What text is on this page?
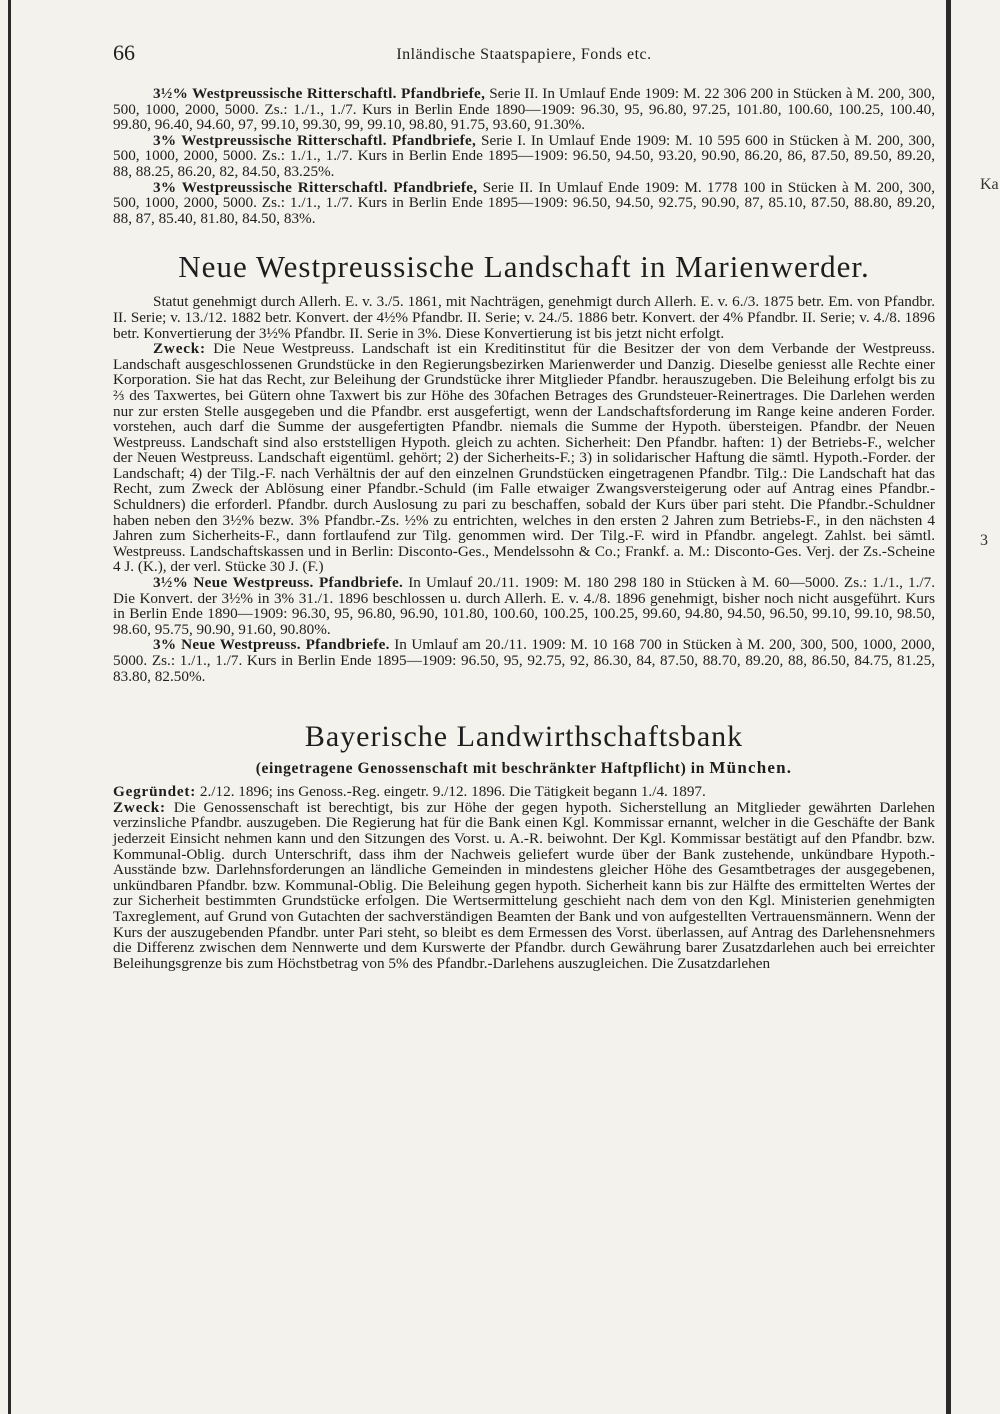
Ka
3
66	Inländische Staatspapiere, Fonds etc.

3½% Westpreussische Ritterschaftl. Pfandbriefe, Serie II. In Umlauf Ende 1909: M. 22 306 200 in Stücken à M. 200, 300, 500, 1000, 2000, 5000. Zs.: 1./1., 1./7. Kurs in Berlin Ende 1890—1909: 96.30, 95, 96.80, 97.25, 101.80, 100.60, 100.25, 100.40, 99.80, 96.40, 94.60, 97, 99.10, 99.30, 99, 99.10, 98.80, 91.75, 93.60, 91.30%.

3% Westpreussische Ritterschaftl. Pfandbriefe, Serie I. In Umlauf Ende 1909: M. 10 595 600 in Stücken à M. 200, 300, 500, 1000, 2000, 5000. Zs.: 1./1., 1./7. Kurs in Berlin Ende 1895—1909: 96.50, 94.50, 93.20, 90.90, 86.20, 86, 87.50, 89.50, 89.20, 88, 88.25, 86.20, 82, 84.50, 83.25%.

3% Westpreussische Ritterschaftl. Pfandbriefe, Serie II. In Umlauf Ende 1909: M. 1778 100 in Stücken à M. 200, 300, 500, 1000, 2000, 5000. Zs.: 1./1., 1./7. Kurs in Berlin Ende 1895—1909: 96.50, 94.50, 92.75, 90.90, 87, 85.10, 87.50, 88.80, 89.20, 88, 87, 85.40, 81.80, 84.50, 83%.

Neue Westpreussische Landschaft in Marienwerder.

Statut genehmigt durch Allerh. E. v. 3./5. 1861, mit Nachträgen, genehmigt durch Allerh. E. v. 6./3. 1875 betr. Em. von Pfandbr. II. Serie; v. 13./12. 1882 betr. Konvert. der 4½% Pfandbr. II. Serie; v. 24./5. 1886 betr. Konvert. der 4% Pfandbr. II. Serie; v. 4./8. 1896 betr. Konvertierung der 3½% Pfandbr. II. Serie in 3%. Diese Konvertierung ist bis jetzt nicht erfolgt.

Zweck: Die Neue Westpreuss. Landschaft ist ein Kreditinstitut für die Besitzer der von dem Verbande der Westpreuss. Landschaft ausgeschlossenen Grundstücke in den Regierungsbezirken Marienwerder und Danzig. Dieselbe geniesst alle Rechte einer Korporation. Sie hat das Recht, zur Beleihung der Grundstücke ihrer Mitglieder Pfandbr. herauszugeben. Die Beleihung erfolgt bis zu ⅔ des Taxwertes, bei Gütern ohne Taxwert bis zur Höhe des 30fachen Betrages des Grundsteuer-Reinertrages. Die Darlehen werden nur zur ersten Stelle ausgegeben und die Pfandbr. erst ausgefertigt, wenn der Landschaftsforderung im Range keine anderen Forder. vorstehen, auch darf die Summe der ausgefertigten Pfandbr. niemals die Summe der Hypoth. übersteigen. Pfandbr. der Neuen Westpreuss. Landschaft sind also erststelligen Hypoth. gleich zu achten. Sicherheit: Den Pfandbr. haften: 1) der Betriebs-F., welcher der Neuen Westpreuss. Landschaft eigentüml. gehört; 2) der Sicherheits-F.; 3) in solidarischer Haftung die sämtl. Hypoth.-Forder. der Landschaft; 4) der Tilg.-F. nach Verhältnis der auf den einzelnen Grundstücken eingetragenen Pfandbr. Tilg.: Die Landschaft hat das Recht, zum Zweck der Ablösung einer Pfandbr.-Schuld (im Falle etwaiger Zwangsversteigerung oder auf Antrag eines Pfandbr.-Schuldners) die erforderl. Pfandbr. durch Auslosung zu pari zu beschaffen, sobald der Kurs über pari steht. Die Pfandbr.-Schuldner haben neben den 3½% bezw. 3% Pfandbr.-Zs. ½% zu entrichten, welches in den ersten 2 Jahren zum Betriebs-F., in den nächsten 4 Jahren zum Sicherheits-F., dann fortlaufend zur Tilg. genommen wird. Der Tilg.-F. wird in Pfandbr. angelegt. Zahlst. bei sämtl. Westpreuss. Landschaftskassen und in Berlin: Disconto-Ges., Mendelssohn & Co.; Frankf. a. M.: Disconto-Ges. Verj. der Zs.-Scheine 4 J. (K.), der verl. Stücke 30 J. (F.)

3½% Neue Westpreuss. Pfandbriefe. In Umlauf 20./11. 1909: M. 180 298 180 in Stücken à M. 60—5000. Zs.: 1./1., 1./7. Die Konvert. der 3½% in 3% 31./1. 1896 beschlossen u. durch Allerh. E. v. 4./8. 1896 genehmigt, bisher noch nicht ausgeführt. Kurs in Berlin Ende 1890—1909: 96.30, 95, 96.80, 96.90, 101.80, 100.60, 100.25, 100.25, 99.60, 94.80, 94.50, 96.50, 99.10, 99.10, 98.50, 98.60, 95.75, 90.90, 91.60, 90.80%.

3% Neue Westpreuss. Pfandbriefe. In Umlauf am 20./11. 1909: M. 10 168 700 in Stücken à M. 200, 300, 500, 1000, 2000, 5000. Zs.: 1./1., 1./7. Kurs in Berlin Ende 1895—1909: 96.50, 95, 92.75, 92, 86.30, 84, 87.50, 88.70, 89.20, 88, 86.50, 84.75, 81.25, 83.80, 82.50%.

Bayerische Landwirthschaftsbank
(eingetragene Genossenschaft mit beschränkter Haftpflicht) in München.

Gegründet: 2./12. 1896; ins Genoss.-Reg. eingetr. 9./12. 1896. Die Tätigkeit begann 1./4. 1897.

Zweck: Die Genossenschaft ist berechtigt, bis zur Höhe der gegen hypoth. Sicherstellung an Mitglieder gewährten Darlehen verzinsliche Pfandbr. auszugeben. Die Regierung hat für die Bank einen Kgl. Kommissar ernannt, welcher in die Geschäfte der Bank jederzeit Einsicht nehmen kann und den Sitzungen des Vorst. u. A.-R. beiwohnt. Der Kgl. Kommissar bestätigt auf den Pfandbr. bzw. Kommunal-Oblig. durch Unterschrift, dass ihm der Nachweis geliefert wurde über der Bank zustehende, unkündbare Hypoth.-Ausstände bzw. Darlehnsforderungen an ländliche Gemeinden in mindestens gleicher Höhe des Gesamtbetrages der ausgegebenen, unkündbaren Pfandbr. bzw. Kommunal-Oblig. Die Beleihung gegen hypoth. Sicherheit kann bis zur Hälfte des ermittelten Wertes der zur Sicherheit bestimmten Grundstücke erfolgen. Die Wertsermittelung geschieht nach dem von den Kgl. Ministerien genehmigten Taxreglement, auf Grund von Gutachten der sachverständigen Beamten der Bank und von aufgestellten Vertrauensmännern. Wenn der Kurs der auszugebenden Pfandbr. unter Pari steht, so bleibt es dem Ermessen des Vorst. überlassen, auf Antrag des Darlehensnehmers die Differenz zwischen dem Nennwerte und dem Kurswerte der Pfandbr. durch Gewährung barer Zusatzdarlehen auch bei erreichter Beleihungsgrenze bis zum Höchstbetrag von 5% des Pfandbr.-Darlehens auszugleichen. Die Zusatzdarlehen
